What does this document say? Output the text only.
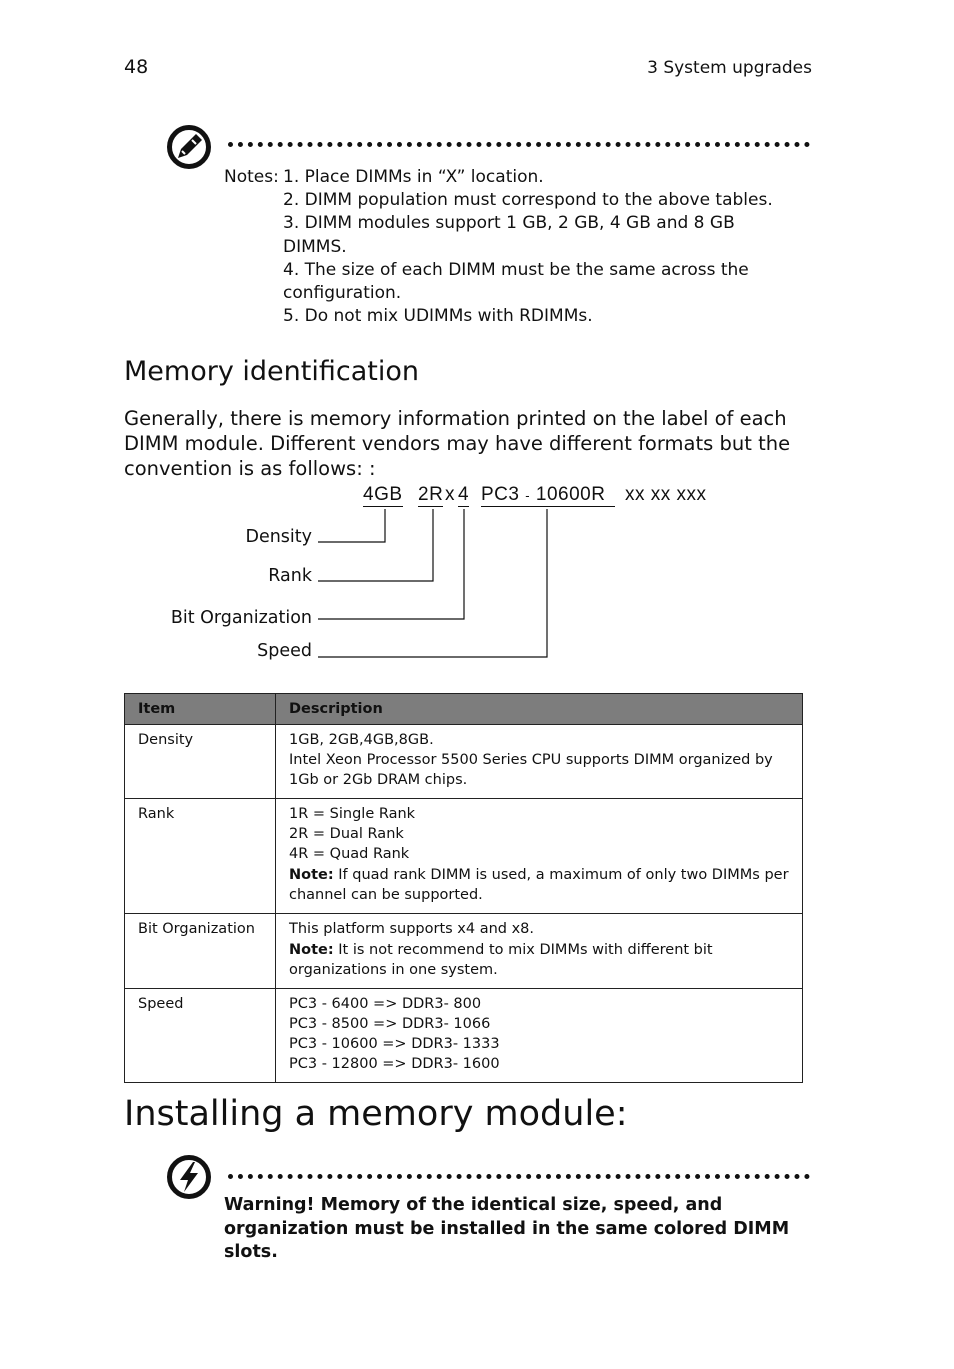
48	3 System upgrades
Notes: 1. Place DIMMs in “X” location.
2. DIMM population must correspond to the above tables.
3. DIMM modules support 1 GB, 2 GB, 4 GB and 8 GB DIMMS.
4. The size of each DIMM must be the same across the configuration.
5. Do not mix UDIMMs with RDIMMs.
Memory identification

Generally, there is memory information printed on the label of each DIMM module. Different vendors may have different formats but the convention is as follows: :

4GB 2R x 4 PC3 - 10600R	xx xx xxx
Density
Rank
Bit Organization
Speed
Item	Description
Density	1GB, 2GB,4GB,8GB.
Intel Xeon Processor 5500 Series CPU supports DIMM organized by 1Gb or 2Gb DRAM chips.

Rank	1R = Single Rank
2R = Dual Rank
4R = Quad Rank
Note: If quad rank DIMM is used, a maximum of only two DIMMs per channel can be supported.

Bit Organization	This platform supports x4 and x8.
Note: It is not recommend to mix DIMMs with different bit organizations in one system.

Speed	PC3 - 6400 => DDR3- 800
PC3 - 8500 => DDR3- 1066
PC3 - 10600 => DDR3- 1333
PC3 - 12800 => DDR3- 1600
Installing a memory module:

Warning! Memory of the identical size, speed, and organization must be installed in the same colored DIMM slots.
